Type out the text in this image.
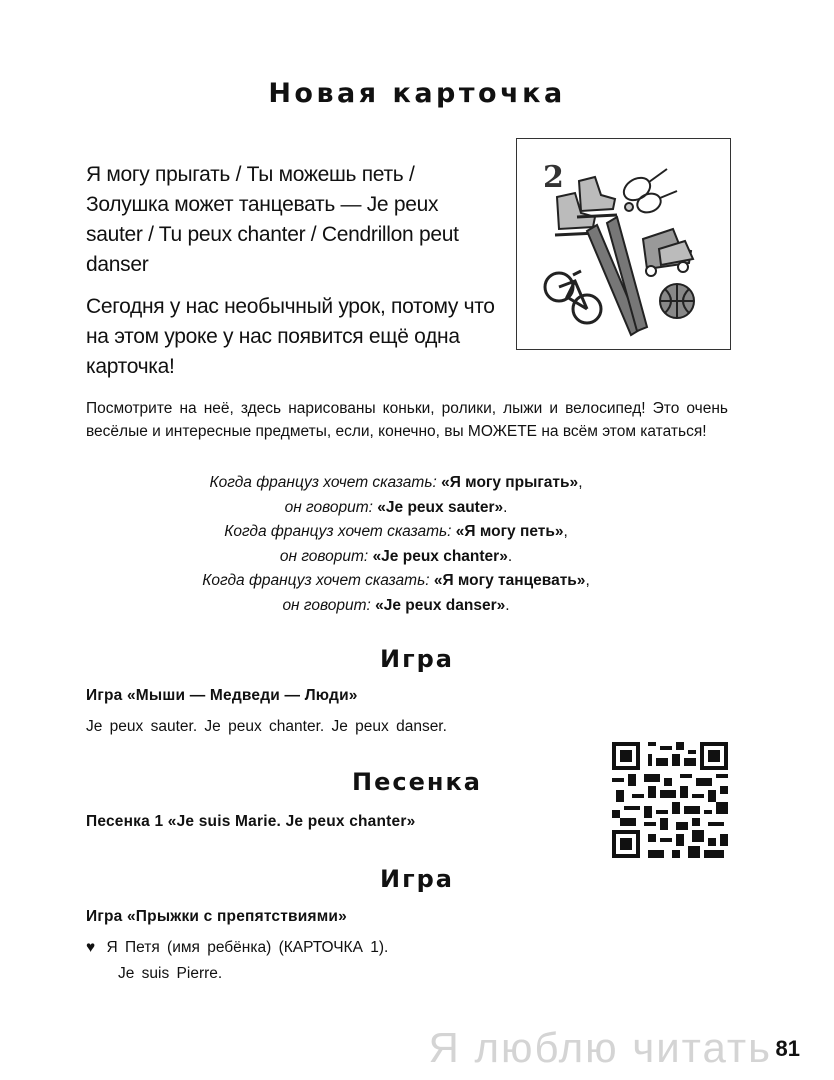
Новая карточка

Я могу прыгать / Ты можешь петь / Золушка может танцевать — Je peux sauter / Tu peux chanter / Cendrillon peut danser

Сегодня у нас необычный урок, потому что на этом уроке у нас появится ещё одна карточка!

2

Посмотрите на неё, здесь нарисованы коньки, ролики, лыжи и велосипед! Это очень весёлые и интересные предметы, если, конечно, вы МОЖЕТЕ на всём этом кататься!

Когда француз хочет сказать: «Я могу прыгать»,
он говорит: «Je peux sauter».
Когда француз хочет сказать: «Я могу петь»,
он говорит: «Je peux chanter».
Когда француз хочет сказать: «Я могу танцевать»,
он говорит: «Je peux danser».
Игра

Игра «Мыши — Медведи — Люди»

Je peux sauter. Je peux chanter. Je peux danser.

Песенка

Песенка 1 «Je suis Marie. Je peux chanter»

Игра

Игра «Прыжки с препятствиями»

♥ Я Петя (имя ребёнка) (КАРТОЧКА 1).

Je suis Pierre.

Я люблю читать 81
